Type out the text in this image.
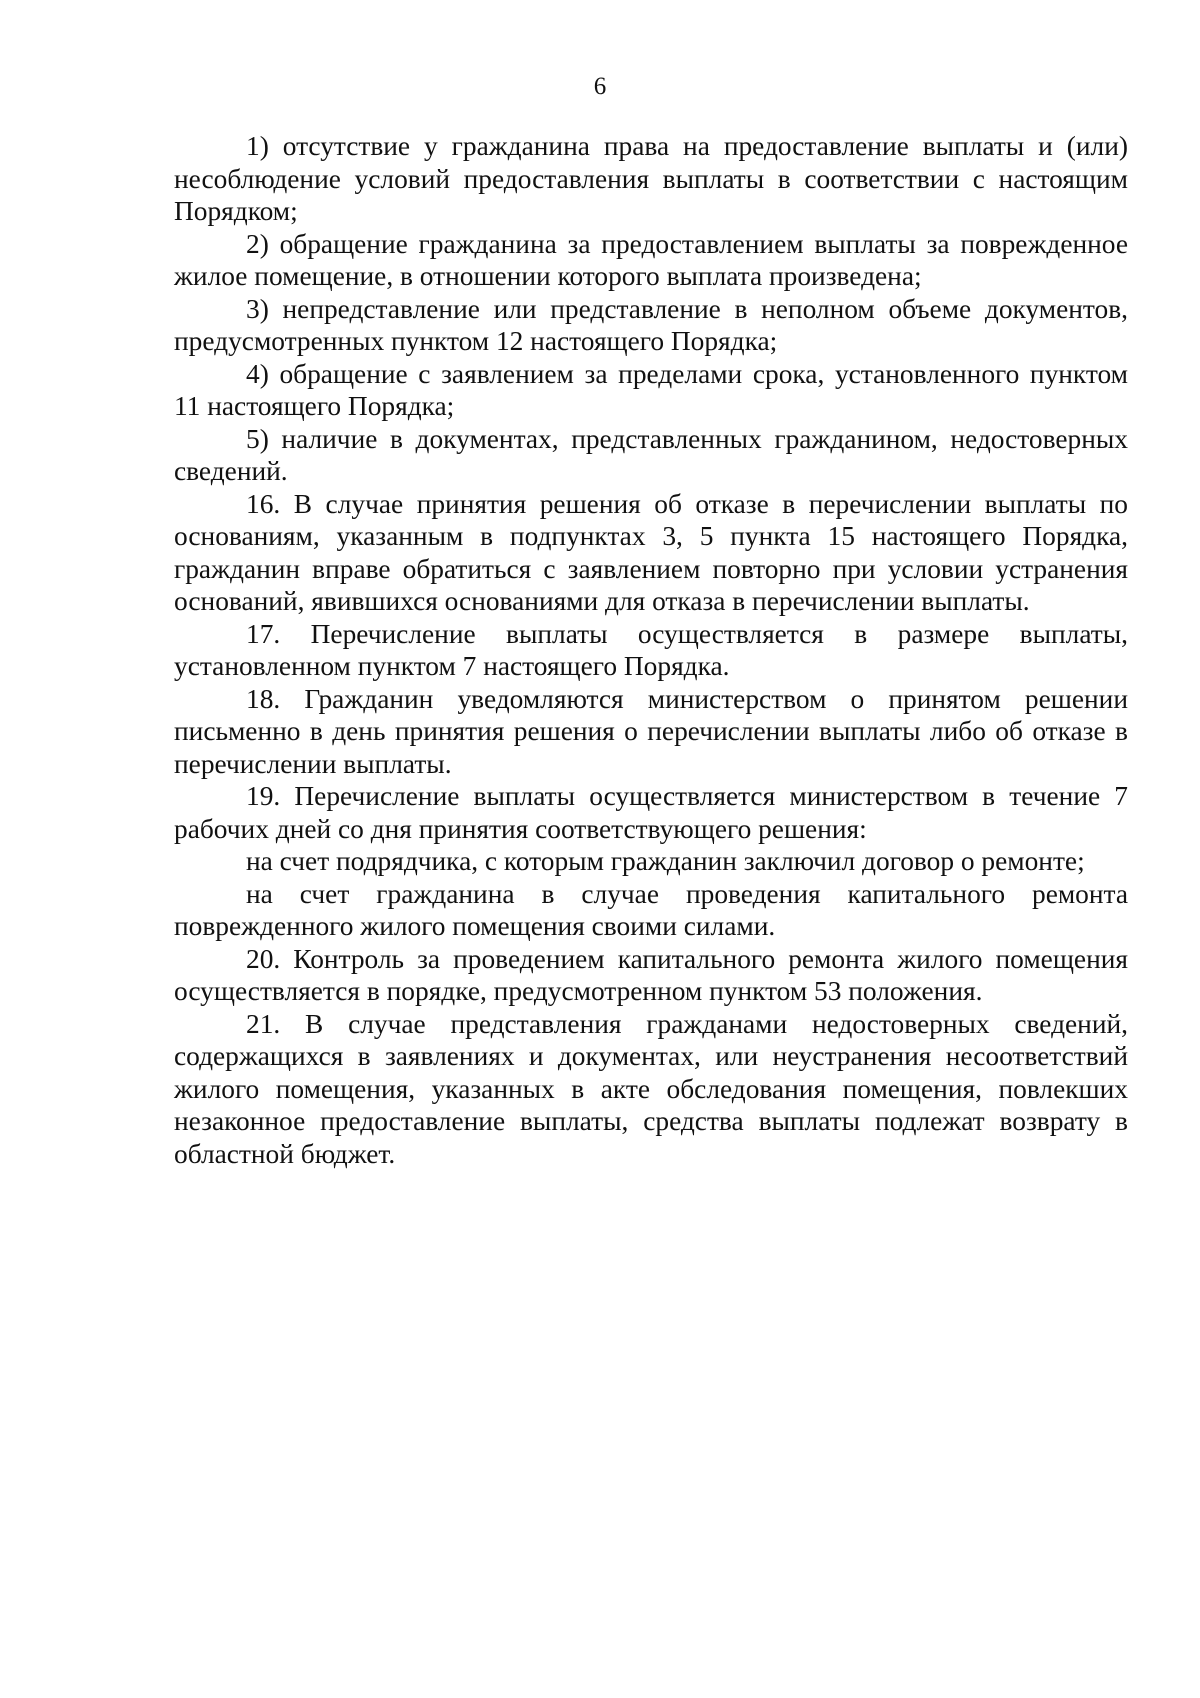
6

1) отсутствие у гражданина права на предоставление выплаты и (или) несоблюдение условий предоставления выплаты в соответствии с настоящим Порядком;

2) обращение гражданина за предоставлением выплаты за поврежденное жилое помещение, в отношении которого выплата произведена;

3) непредставление или представление в неполном объеме документов, предусмотренных пунктом 12 настоящего Порядка;

4) обращение с заявлением за пределами срока, установленного пунктом 11 настоящего Порядка;

5) наличие в документах, представленных гражданином, недостоверных сведений.

16. В случае принятия решения об отказе в перечислении выплаты по основаниям, указанным в подпунктах 3, 5 пункта 15 настоящего Порядка, гражданин вправе обратиться с заявлением повторно при условии устранения оснований, явившихся основаниями для отказа в перечислении выплаты.

17. Перечисление выплаты осуществляется в размере выплаты, установленном пунктом 7 настоящего Порядка.

18. Гражданин уведомляются министерством о принятом решении письменно в день принятия решения о перечислении выплаты либо об отказе в перечислении выплаты.

19. Перечисление выплаты осуществляется министерством в течение 7 рабочих дней со дня принятия соответствующего решения:

на счет подрядчика, с которым гражданин заключил договор о ремонте;

на счет гражданина в случае проведения капитального ремонта поврежденного жилого помещения своими силами.

20. Контроль за проведением капитального ремонта жилого помещения осуществляется в порядке, предусмотренном пунктом 53 положения.

21. В случае представления гражданами недостоверных сведений, содержащихся в заявлениях и документах, или неустранения несоответствий жилого помещения, указанных в акте обследования помещения, повлекших незаконное предоставление выплаты, средства выплаты подлежат возврату в областной бюджет.
